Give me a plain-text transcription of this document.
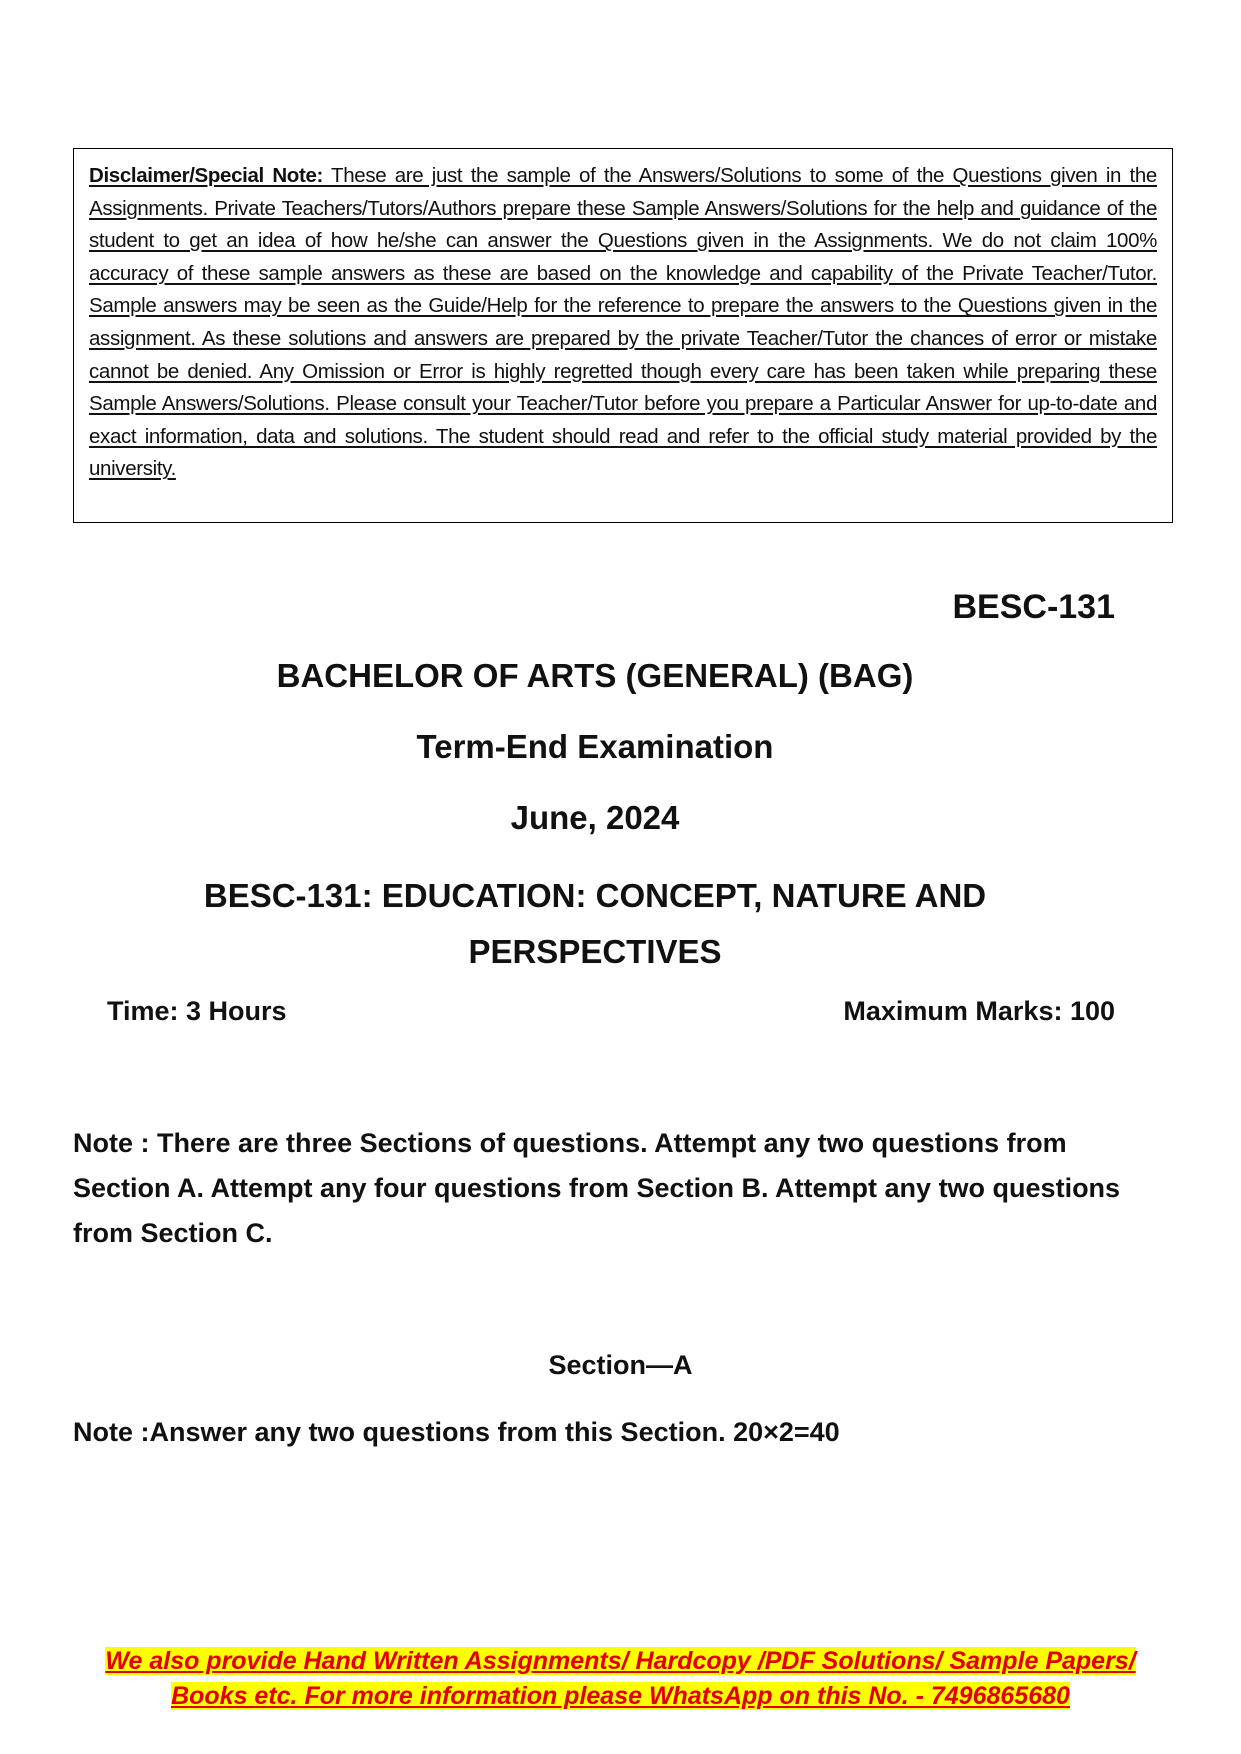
Disclaimer/Special Note: These are just the sample of the Answers/Solutions to some of the Questions given in the Assignments. Private Teachers/Tutors/Authors prepare these Sample Answers/Solutions for the help and guidance of the student to get an idea of how he/she can answer the Questions given in the Assignments. We do not claim 100% accuracy of these sample answers as these are based on the knowledge and capability of the Private Teacher/Tutor. Sample answers may be seen as the Guide/Help for the reference to prepare the answers to the Questions given in the assignment. As these solutions and answers are prepared by the private Teacher/Tutor the chances of error or mistake cannot be denied. Any Omission or Error is highly regretted though every care has been taken while preparing these Sample Answers/Solutions. Please consult your Teacher/Tutor before you prepare a Particular Answer for up-to-date and exact information, data and solutions. The student should read and refer to the official study material provided by the university.

BESC-131

BACHELOR OF ARTS (GENERAL) (BAG)

Term-End Examination

June, 2024

BESC-131: EDUCATION: CONCEPT, NATURE AND PERSPECTIVES

Time: 3 Hours	Maximum Marks: 100

Note : There are three Sections of questions. Attempt any two questions from Section A. Attempt any four questions from Section B. Attempt any two questions from Section C.

Section—A

Note :Answer any two questions from this Section. 20×2=40

We also provide Hand Written Assignments/ Hardcopy /PDF Solutions/ Sample Papers/
Books etc. For more information please WhatsApp on this No. - 7496865680
